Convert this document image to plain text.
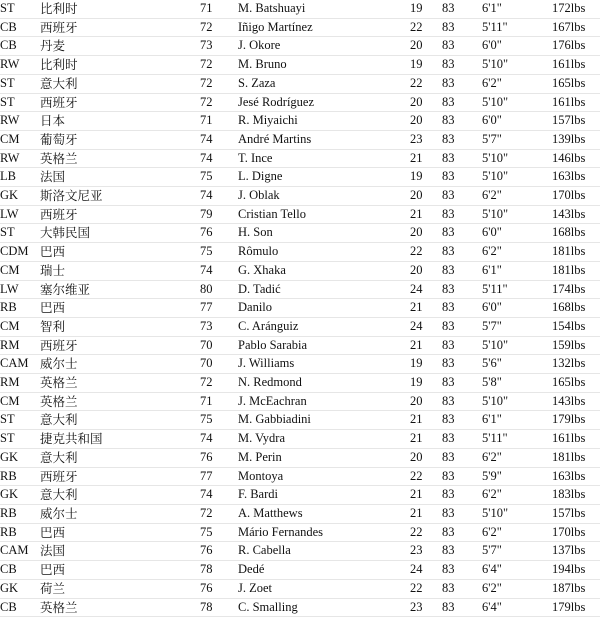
ST	比利时	71	M. Batshuayi	19	83	6'1"	172lbs
CB	西班牙	72	Iñigo Martínez	22	83	5'11"	167lbs
CB	丹麦	73	J. Okore	20	83	6'0"	176lbs
RW	比利时	72	M. Bruno	19	83	5'10"	161lbs
ST	意大利	72	S. Zaza	22	83	6'2"	165lbs
ST	西班牙	72	Jesé Rodríguez	20	83	5'10"	161lbs
RW	日本	71	R. Miyaichi	20	83	6'0"	157lbs
CM	葡萄牙	74	André Martins	23	83	5'7"	139lbs
RW	英格兰	74	T. Ince	21	83	5'10"	146lbs
LB	法国	75	L. Digne	19	83	5'10"	163lbs
GK	斯洛文尼亚	74	J. Oblak	20	83	6'2"	170lbs
LW	西班牙	79	Cristian Tello	21	83	5'10"	143lbs
ST	大韩民国	76	H. Son	20	83	6'0"	168lbs
CDM	巴西	75	Rômulo	22	83	6'2"	181lbs
CM	瑞士	74	G. Xhaka	20	83	6'1"	181lbs
LW	塞尔维亚	80	D. Tadić	24	83	5'11"	174lbs
RB	巴西	77	Danilo	21	83	6'0"	168lbs
CM	智利	73	C. Aránguiz	24	83	5'7"	154lbs
RM	西班牙	70	Pablo Sarabia	21	83	5'10"	159lbs
CAM	威尔士	70	J. Williams	19	83	5'6"	132lbs
RM	英格兰	72	N. Redmond	19	83	5'8"	165lbs
CM	英格兰	71	J. McEachran	20	83	5'10"	143lbs
ST	意大利	75	M. Gabbiadini	21	83	6'1"	179lbs
ST	捷克共和国	74	M. Vydra	21	83	5'11"	161lbs
GK	意大利	76	M. Perin	20	83	6'2"	181lbs
RB	西班牙	77	Montoya	22	83	5'9"	163lbs
GK	意大利	74	F. Bardi	21	83	6'2"	183lbs
RB	威尔士	72	A. Matthews	21	83	5'10"	157lbs
RB	巴西	75	Mário Fernandes	22	83	6'2"	170lbs
CAM	法国	76	R. Cabella	23	83	5'7"	137lbs
CB	巴西	78	Dedé	24	83	6'4"	194lbs
GK	荷兰	76	J. Zoet	22	83	6'2"	187lbs
CB	英格兰	78	C. Smalling	23	83	6'4"	179lbs
